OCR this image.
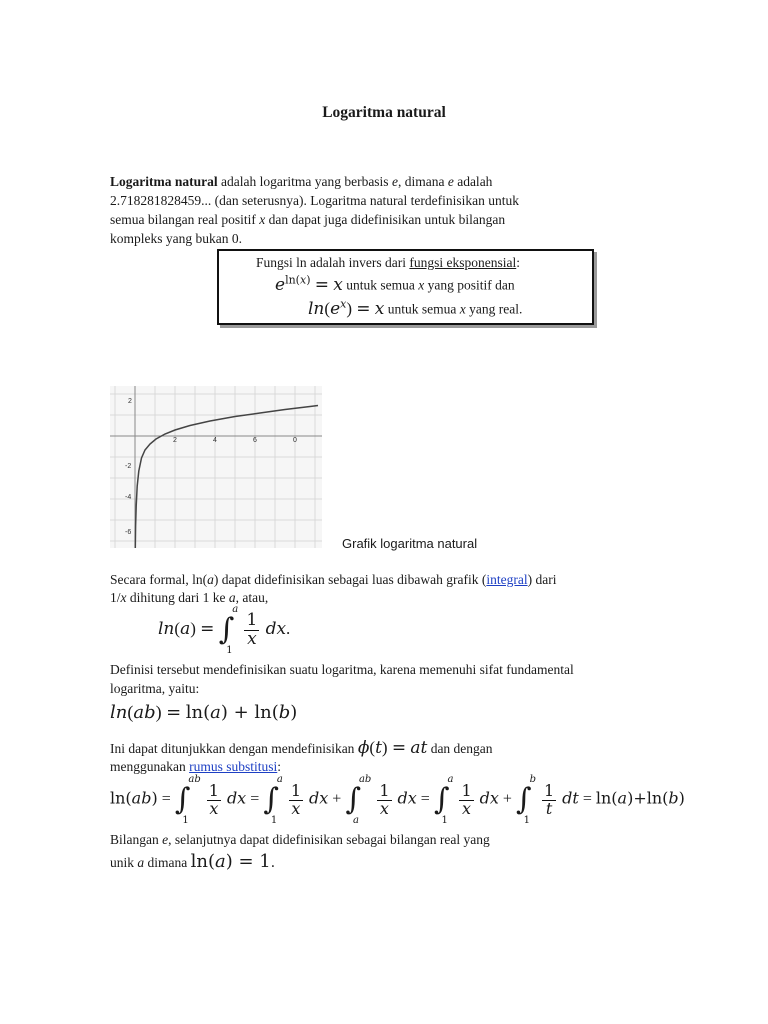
Logaritma natural
Logaritma natural adalah logaritma yang berbasis e, dimana e adalah
2.718281828459... (dan seterusnya). Logaritma natural terdefinisikan untuk
semua bilangan real positif x dan dapat juga didefinisikan untuk bilangan
kompleks yang bukan 0.
Fungsi ln adalah invers dari fungsi eksponensial:
$e^{ln(x)} = x$ untuk semua x yang positif dan
$\ln(e^x) = x$ untuk semua x yang real.
2	4	6	0
2
-2
-4
-6
Grafik logaritma natural
Secara formal, ln(a) dapat didefinisikan sebagai luas dibawah grafik (integral) dari
1/x dihitung dari 1 ke a, atau,
ln(a) = ∫
a
1

$\frac{1}{x}$ dx.
Definisi tersebut mendefinisikan suatu logaritma, karena memenuhi sifat fundamental
logaritma, yaitu:
ln(ab) = ln(a) + ln(b)
Ini dapat ditunjukkan dengan mendefinisikan ϕ(t) = at dan dengan
menggunakan rumus substitusi:
ln(ab) = ∫
ab
1

$\frac{1}{x}$ dx = ∫
a
1

$\frac{1}{x}$ dx + ∫
ab
a

$\frac{1}{x}$ dx = ∫
a
1

$\frac{1}{x}$ dx + ∫
b
1

$\frac{1}{t}$ dt = ln(a)+ln(b)
Bilangan e, selanjutnya dapat didefinisikan sebagai bilangan real yang
unik a dimana ln(a) = 1.
